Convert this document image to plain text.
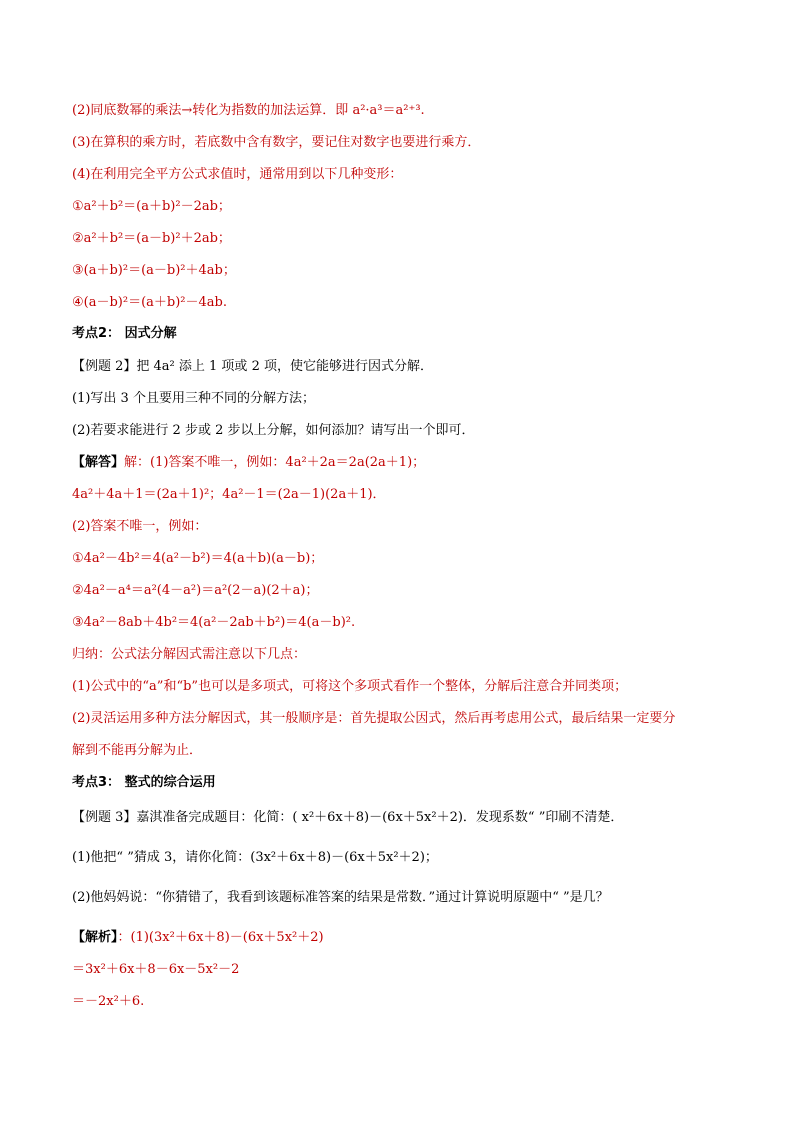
(2)同底数幂的乘法→转化为指数的加法运算．即 a²·a³＝a²⁺³.
(3)在算积的乘方时，若底数中含有数字，要记住对数字也要进行乘方．
(4)在利用完全平方公式求值时，通常用到以下几种变形：
①a²＋b²＝(a＋b)²－2ab；
②a²＋b²＝(a－b)²＋2ab；
③(a＋b)²＝(a－b)²＋4ab；
④(a－b)²＝(a＋b)²－4ab.
考点2： 因式分解
【例题 2】把 4a² 添上 1 项或 2 项，使它能够进行因式分解．
(1)写出 3 个且要用三种不同的分解方法；
(2)若要求能进行 2 步或 2 步以上分解，如何添加？请写出一个即可．
【解答】解：(1)答案不唯一，例如：4a²＋2a＝2a(2a＋1)；
4a²＋4a＋1＝(2a＋1)²；4a²－1＝(2a－1)(2a＋1)．
(2)答案不唯一，例如：
①4a²－4b²＝4(a²－b²)＝4(a＋b)(a－b)；
②4a²－a⁴＝a²(4－a²)＝a²(2－a)(2＋a)；
③4a²－8ab＋4b²＝4(a²－2ab＋b²)＝4(a－b)².
归纳：公式法分解因式需注意以下几点：
(1)公式中的“a”和“b”也可以是多项式，可将这个多项式看作一个整体，分解后注意合并同类项；
(2)灵活运用多种方法分解因式，其一般顺序是：首先提取公因式，然后再考虑用公式，最后结果一定要分
解到不能再分解为止．
考点3： 整式的综合运用
【例题 3】嘉淇准备完成题目：化简：( x²＋6x＋8)－(6x＋5x²＋2)．发现系数“ ”印刷不清楚．
(1)他把“ ”猜成 3，请你化简：(3x²＋6x＋8)－(6x＋5x²＋2)；
(2)他妈妈说：“你猜错了，我看到该题标准答案的结果是常数．”通过计算说明原题中“ ”是几？
【解析】：(1)(3x²＋6x＋8)－(6x＋5x²＋2)
＝3x²＋6x＋8－6x－5x²－2
＝－2x²＋6.
